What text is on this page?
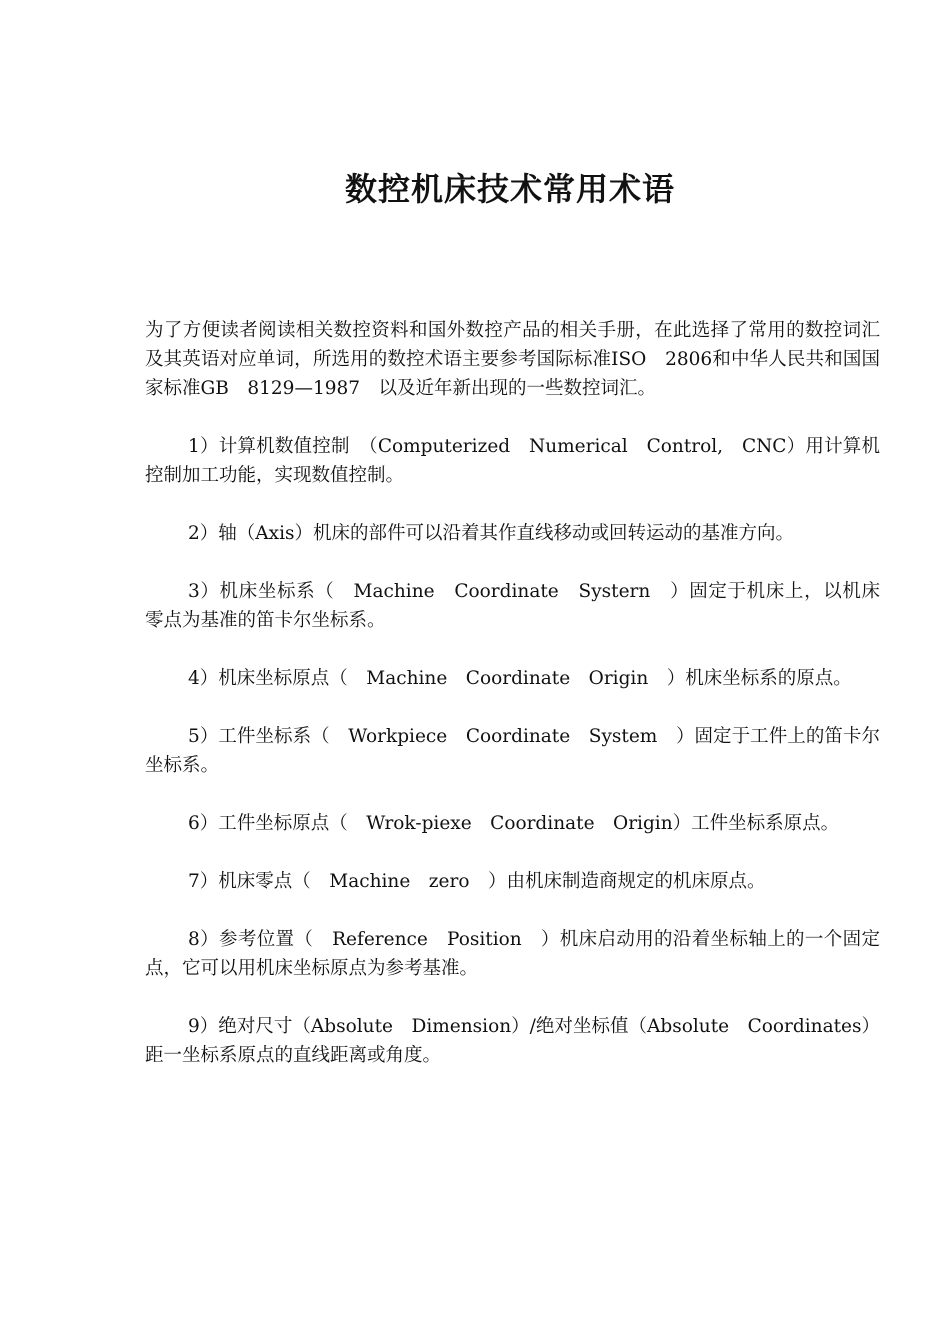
数控机床技术常用术语

为了方便读者阅读相关数控资料和国外数控产品的相关手册，在此选择了常用的数控词汇及其英语对应单词，所选用的数控术语主要参考国际标准ISO　2806和中华人民共和国国家标准GB　8129—1987　以及近年新出现的一些数控词汇。

1）计算机数值控制　（Computerized　Numerical　Control,　CNC）用计算机控制加工功能，实现数值控制。

2）轴（Axis）机床的部件可以沿着其作直线移动或回转运动的基准方向。

3）机床坐标系（　Machine　Coordinate　Systern　）固定于机床上，以机床零点为基准的笛卡尔坐标系。

4）机床坐标原点（　Machine　Coordinate　Origin　）机床坐标系的原点。

5）工件坐标系（　Workpiece　Coordinate　System　）固定于工件上的笛卡尔坐标系。

6）工件坐标原点（　Wrok-piexe　Coordinate　Origin）工件坐标系原点。

7）机床零点（　Machine　zero　）由机床制造商规定的机床原点。

8）参考位置（　Reference　Position　）机床启动用的沿着坐标轴上的一个固定点，它可以用机床坐标原点为参考基准。

9）绝对尺寸（Absolute　Dimension）/绝对坐标值（Absolute　Coordinates）距一坐标系原点的直线距离或角度。
